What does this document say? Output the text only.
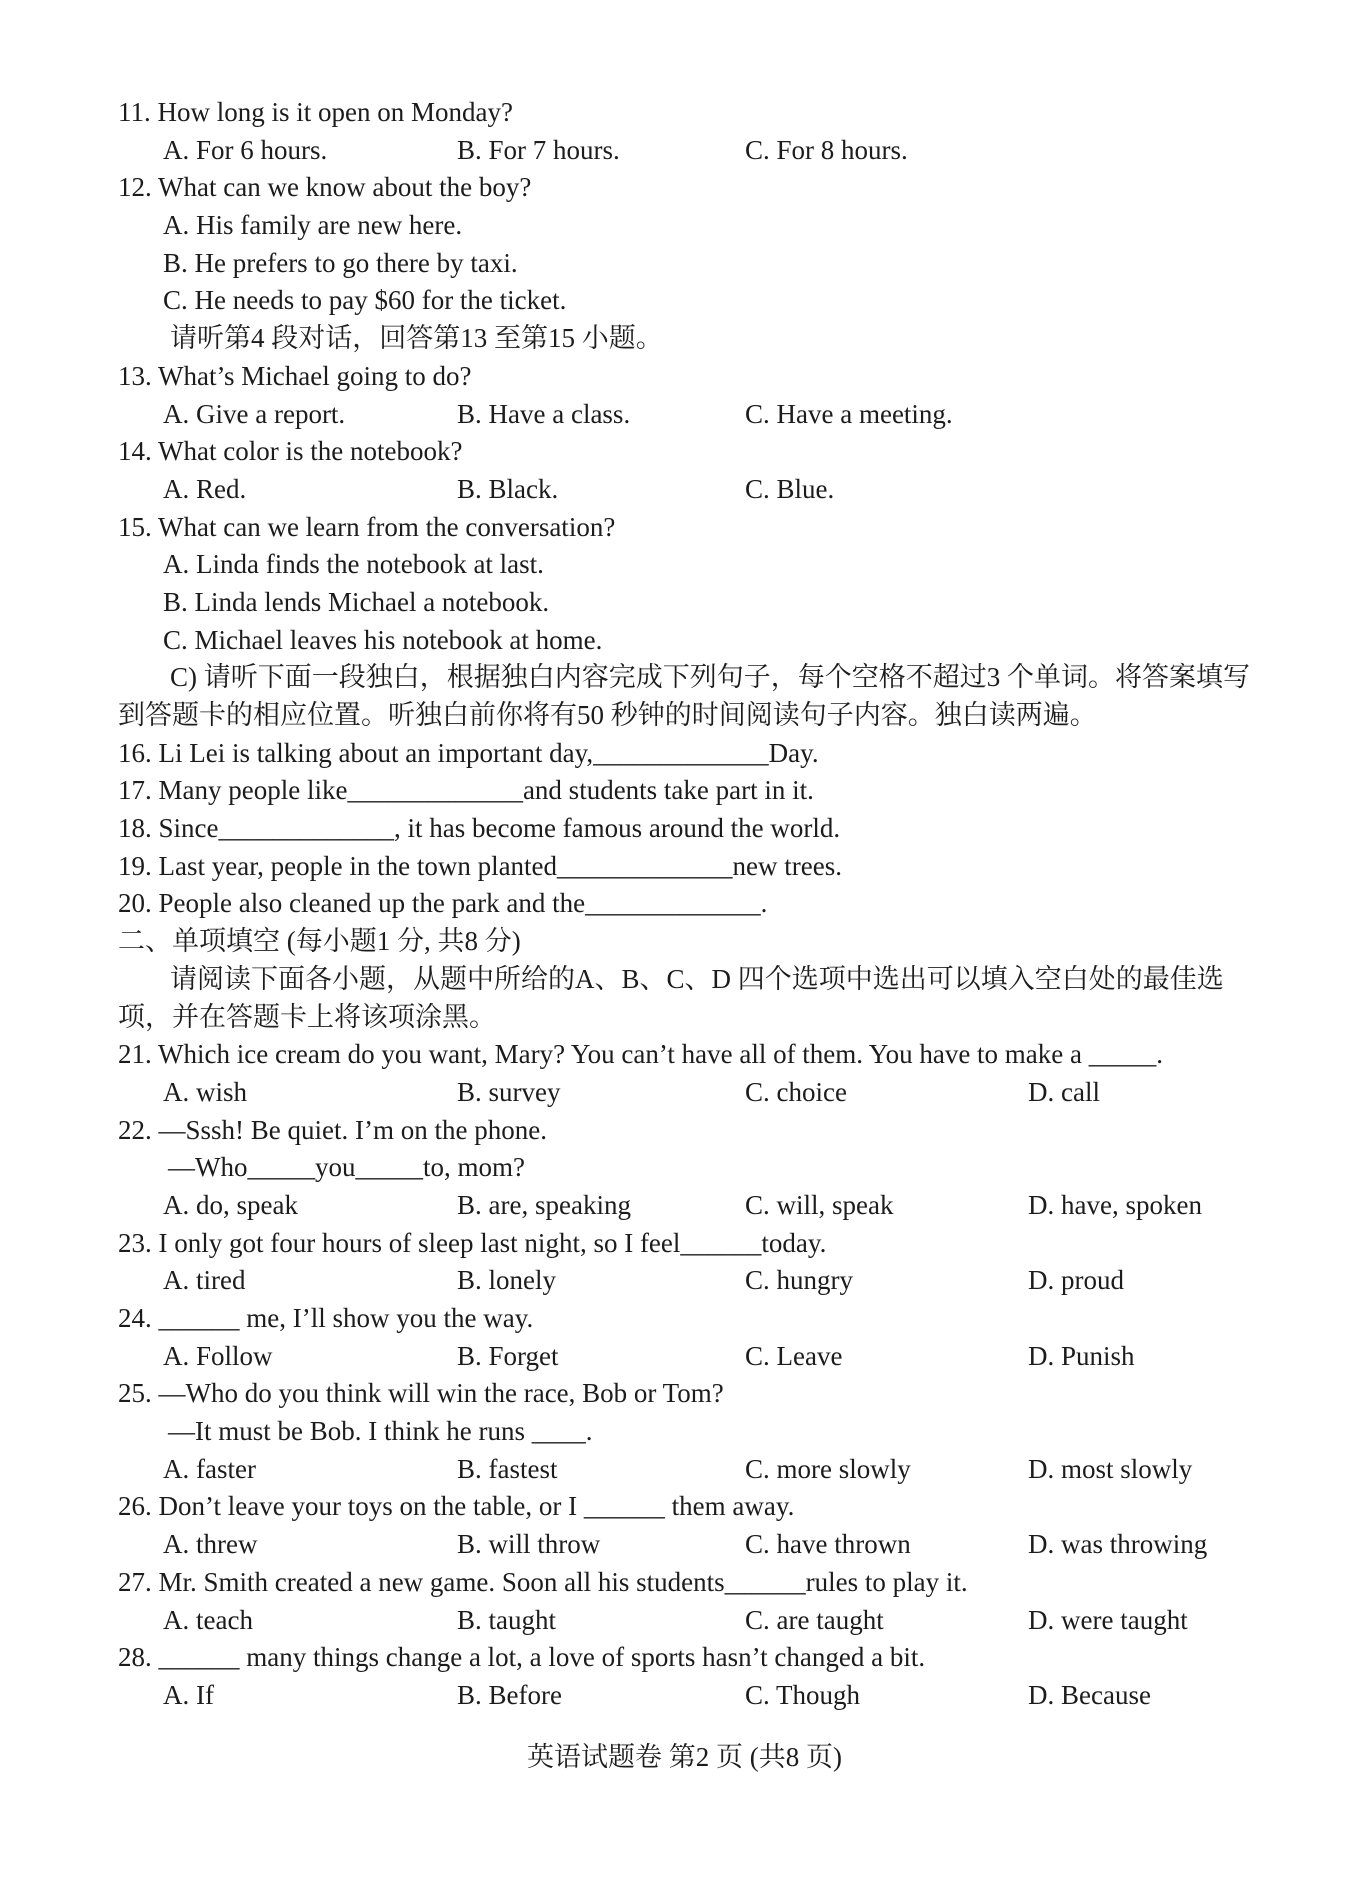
11. How long is it open on Monday?

A. For 6 hours.

	B. For 7 hours.

	C. For 8 hours.

12. What can we know about the boy?
A. His family are new here.
B. He prefers to go there by taxi.
C. He needs to pay $60 for the ticket.
请听第4 段对话，回答第13 至第15 小题。
13. What’s Michael going to do?

A. Give a report.

	B. Have a class.

	C. Have a meeting.

14. What color is the notebook?

A. Red.

	B. Black.

	C. Blue.

15. What can we learn from the conversation?
A. Linda finds the notebook at last.
B. Linda lends Michael a notebook.
C. Michael leaves his notebook at home.
C) 请听下面一段独白，根据独白内容完成下列句子，每个空格不超过3 个单词。将答案填写
到答题卡的相应位置。听独白前你将有50 秒钟的时间阅读句子内容。独白读两遍。
16. Li Lei is talking about an important day,_____________Day.
17. Many people like_____________and students take part in it.
18. Since_____________, it has become famous around the world.
19. Last year, people in the town planted_____________new trees.
20. People also cleaned up the park and the_____________.
二、单项填空 (每小题1 分, 共8 分)
请阅读下面各小题，从题中所给的A、B、C、D 四个选项中选出可以填入空白处的最佳选
项，并在答题卡上将该项涂黑。
21. Which ice cream do you want, Mary? You can’t have all of them. You have to make a _____.

A. wish

	B. survey

	C. choice

	D. call

22. —Sssh! Be quiet. I’m on the phone.
—Who_____you_____to, mom?

A. do, speak

	B. are, speaking

	C. will, speak

	D. have, spoken

23. I only got four hours of sleep last night, so I feel______today.

A. tired

	B. lonely

	C. hungry

	D. proud

24. ______ me, I’ll show you the way.

A. Follow

	B. Forget

	C. Leave

	D. Punish

25. —Who do you think will win the race, Bob or Tom?
—It must be Bob. I think he runs ____.

A. faster

	B. fastest

	C. more slowly

	D. most slowly

26. Don’t leave your toys on the table, or I ______ them away.

A. threw

	B. will throw

	C. have thrown

	D. was throwing

27. Mr. Smith created a new game. Soon all his students______rules to play it.

A. teach

	B. taught

	C. are taught

	D. were taught

28. ______ many things change a lot, a love of sports hasn’t changed a bit.

A. If

	B. Before

	C. Though

	D. Because

英语试题卷 第2 页 (共8 页)
